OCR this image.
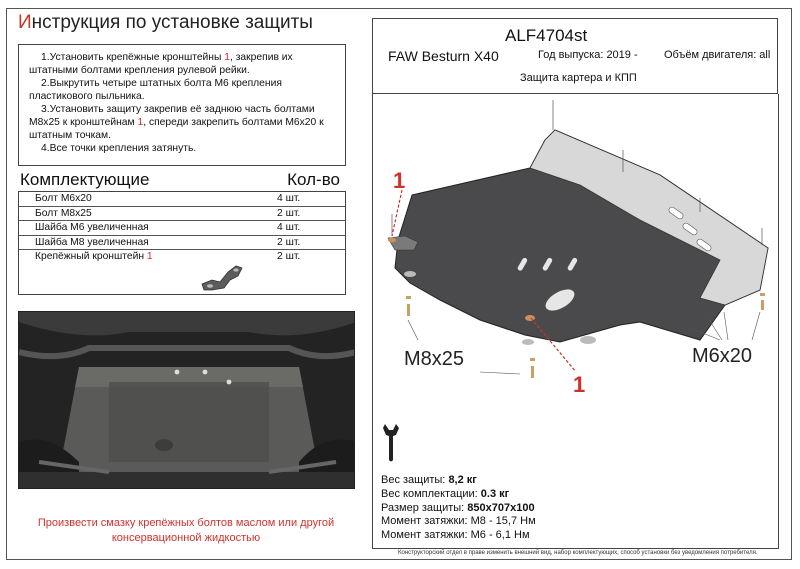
Инструкция по установке защиты

1.Установить крепёжные кронштейны 1, закрепив их штатными болтами крепления рулевой рейки.

2.Выкрутить четыре штатных болта М6 крепления пластикового пыльника.

3.Установить защиту закрепив её заднюю часть болтами М8х25 к кронштейнам 1, спереди закрепить болтами М6х20 к штатным точкам.

4.Все точки крепления затянуть.

Комплектующие	Кол-во
Болт М6х20	4 шт.
Болт М8х25	2 шт.
Шайба М6 увеличенная	4 шт.
Шайба М8 увеличенная	2 шт.
Крепёжный кронштейн 1	2 шт.
Произвести смазку крепёжных болтов маслом или другой консервационной жидкостью
ALF4704st
FAW Besturn X40	Год выпуска: 2019 - Объём двигателя: all
Защита картера и КПП
1
1
M8x25	M6x20
Вес защиты: 8,2 кг
Вес комплектации: 0.3 кг
Размер защиты: 850х707х100
Момент затяжки: М8 - 15,7 Нм
Момент затяжки: М6 - 6,1 Нм
Конструкторский отдел в праве изменить внешний вид, набор комплектующих, способ установки без уведомления потребителя.
